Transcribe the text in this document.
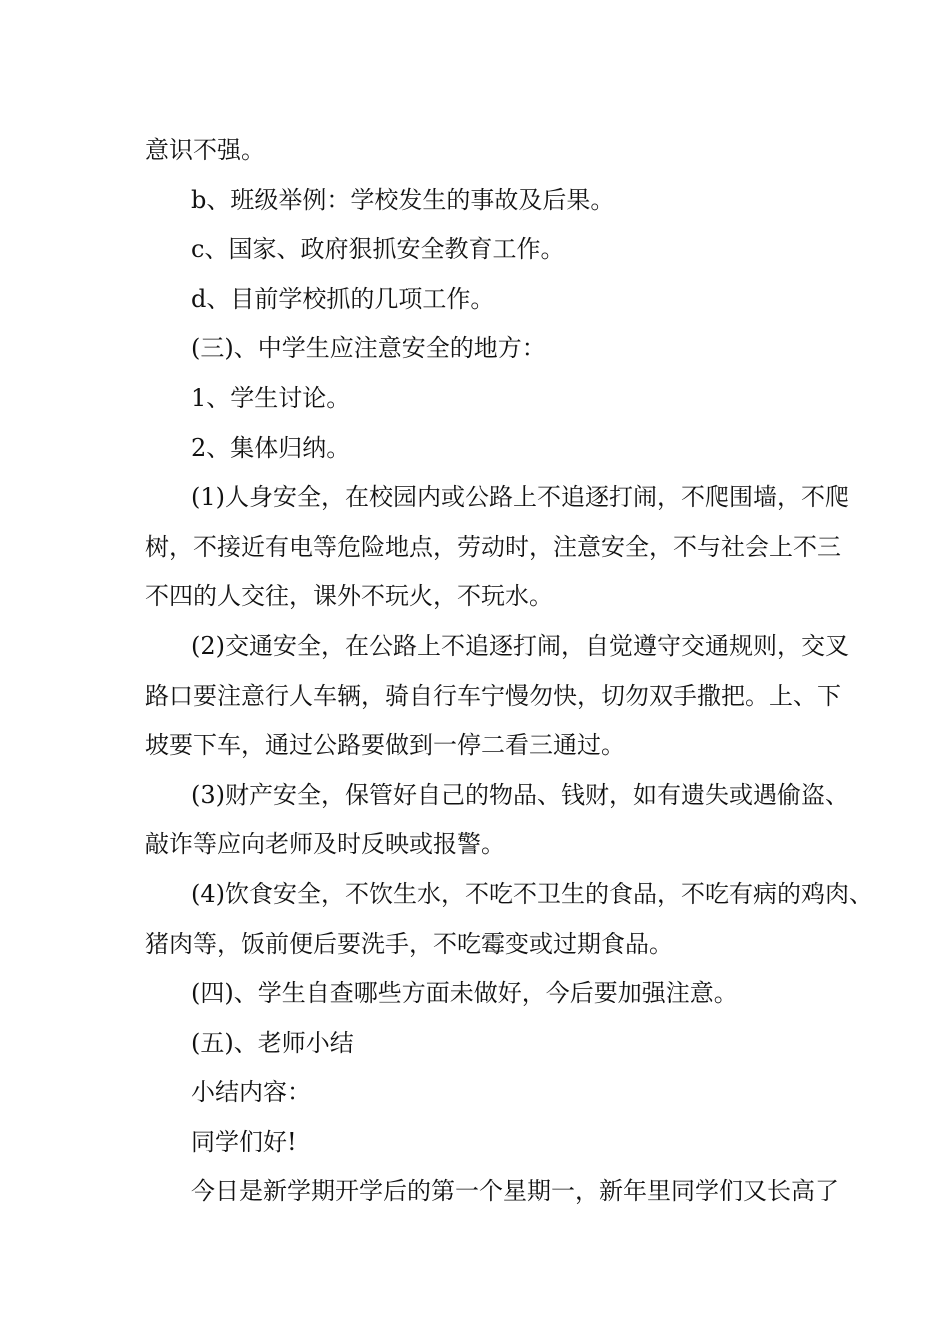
意识不强。
b、班级举例：学校发生的事故及后果。
c、国家、政府狠抓安全教育工作。
d、目前学校抓的几项工作。
(三)、中学生应注意安全的地方：
1、学生讨论。
2、集体归纳。
(1)人身安全，在校园内或公路上不追逐打闹，不爬围墙，不爬
树，不接近有电等危险地点，劳动时，注意安全，不与社会上不三
不四的人交往，课外不玩火，不玩水。
(2)交通安全，在公路上不追逐打闹，自觉遵守交通规则，交叉
路口要注意行人车辆，骑自行车宁慢勿快，切勿双手撒把。上、下
坡要下车，通过公路要做到一停二看三通过。
(3)财产安全，保管好自己的物品、钱财，如有遗失或遇偷盗、
敲诈等应向老师及时反映或报警。
(4)饮食安全，不饮生水，不吃不卫生的食品，不吃有病的鸡肉、
猪肉等，饭前便后要洗手，不吃霉变或过期食品。
(四)、学生自查哪些方面未做好，今后要加强注意。
(五)、老师小结
小结内容：
同学们好!
今日是新学期开学后的第一个星期一，新年里同学们又长高了
